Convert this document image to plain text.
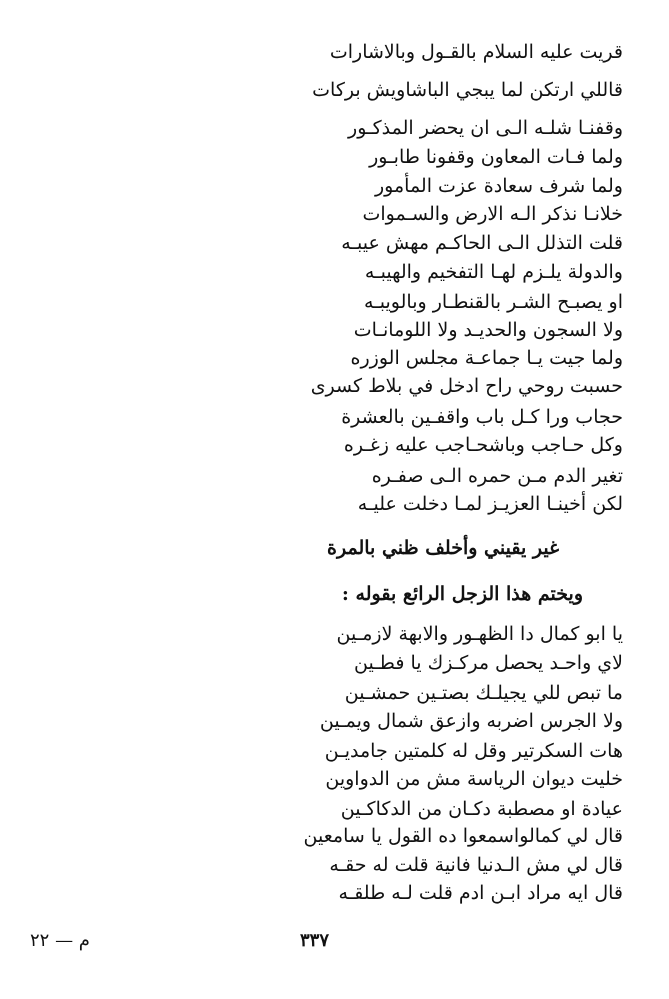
قريت عليه السلام بالقـول وبالاشارات
قاللي ارتكن لما يبجي الباشاويش بركات
وقفنـا شلـه الـى ان يحضر المذكـور
ولما فـات المعاون وقفونا طابـور
ولما شرف سعادة عزت المأمور
خلانـا نذكر الـه الارض والسـموات
قلت التذلل الـى الحاكـم مهش عيبـه
والدولة يلـزم لهـا التفخيم والهيبـه
او يصبـح الشـر بالقنطـار وبالويبـه
ولا السجون والحديـد ولا اللومانـات
ولما جيت يـا جماعـة مجلس الوزره
حسبت روحي راح ادخل في بلاط كسرى
حجاب ورا كـل باب واقفـين بالعشرة
وكل حـاجب وباشحـاجب عليه زغـره
تغير الدم مـن حمره الـى صفـره
لكن أخينـا العزيـز لمـا دخلت عليـه
غير يقيني وأخلف ظني بالمرة
ويختم هذا الزجل الرائع بقوله :
يا ابو كمال دا الظهـور والابهة لازمـين
لاي واحـد يحصل مركـزك يا فطـين
ما تبص للي يجيلـك بصتـين حمشـين
ولا الجرس اضربه وازعق شمال ويمـين
هات السكرتير وقل له كلمتين جامديـن
خليت ديوان الرياسة مش من الدواوين
عيادة او مصطبة دكـان من الدكاكـين
قال لي كمالواسمعوا ده القول يا سامعين
قال لي مش الـدنيا فانية قلت له حقـه
قال ايه مراد ابـن ادم قلت لـه طلقـه
٣٣٧
م — ٢٢
